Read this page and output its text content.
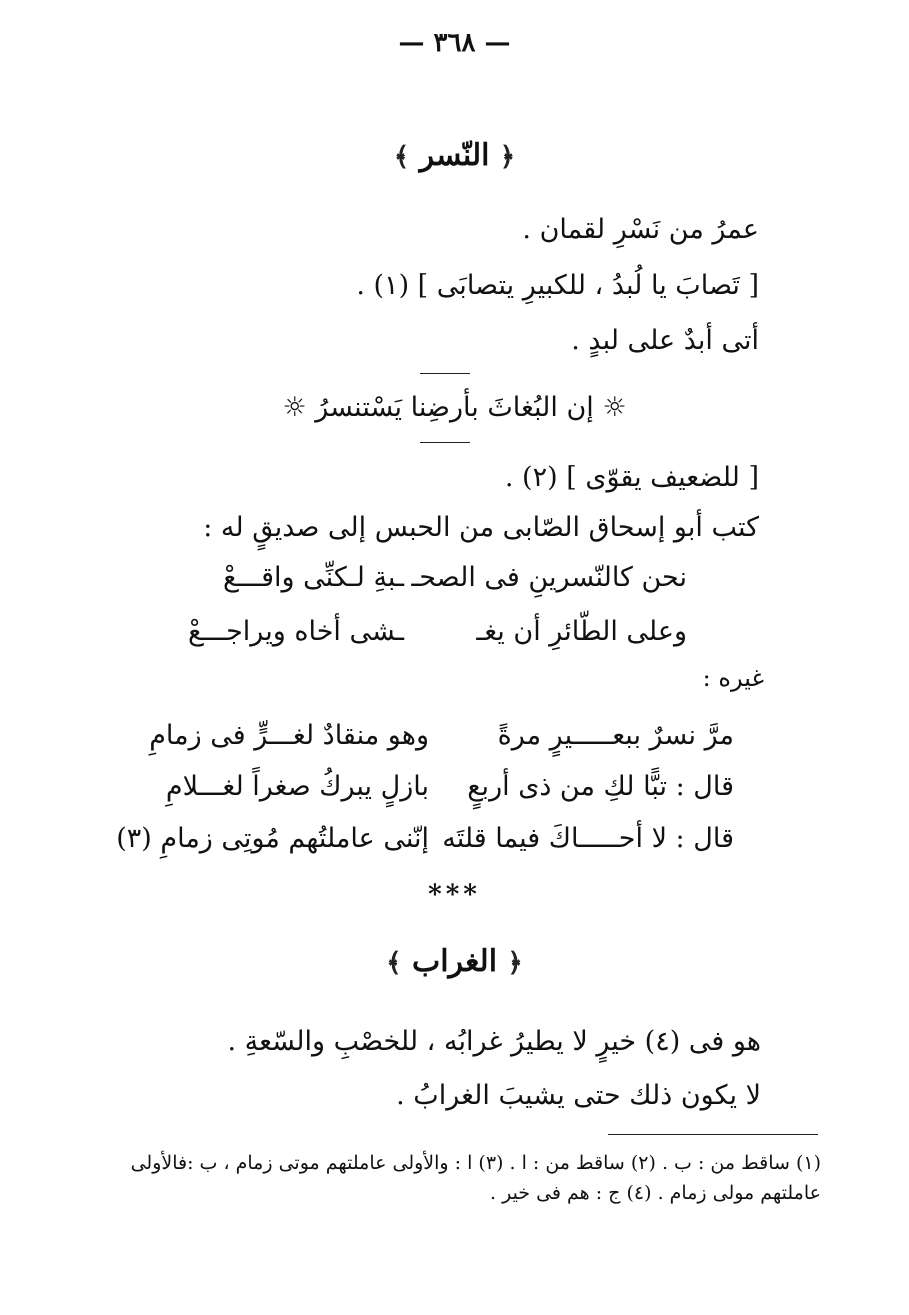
— ٣٦٨ —
﴿ النّسر ﴾
عمرُ من نَسْرِ لقمان .
[ تَصابَ يا لُبدُ ، للكبيرِ يتصابَى ] (١) .
أتى أبدٌ على لبدٍ .
☼ إن البُغاثَ بأرضِنا يَسْتنسرُ ☼
[ للضعيف يقوّى ] (٢) .
كتب أبو إسحاق الصّابى من الحبس إلى صديقٍ له :
نحن كالنّسرينِ فى الصحـ
ـبةِ لـكنِّى واقـــعْ
وعلى الطّائرِ أن يغـ
ـشى أخاه ويراجـــعْ
غيره :
مرَّ نسرٌ ببعـــــيرٍ مرةً
وهو منقادٌ لغـــرٍّ فى زمامِ
قال : تبًّا لكِ من ذى أربعٍ
بازلٍ يبركُ صغراً لغـــلامِ
قال : لا أحـــــاكَ فيما قلتَه
إنّنى عاملتُهم مُوتِى زمامِ (٣)
***
﴿ الغراب ﴾
هو فى (٤) خيرٍ لا يطيرُ غرابُه ، للخصْبِ والسّعةِ .
لا يكون ذلك حتى يشيبَ الغرابُ .
(١) ساقط من : ب . (٢) ساقط من : ا . (٣) ا : والأولى عاملتهم موتى زمام ، ب :فالأولى
عاملتهم مولى زمام . (٤) ج : هم فى خير .
